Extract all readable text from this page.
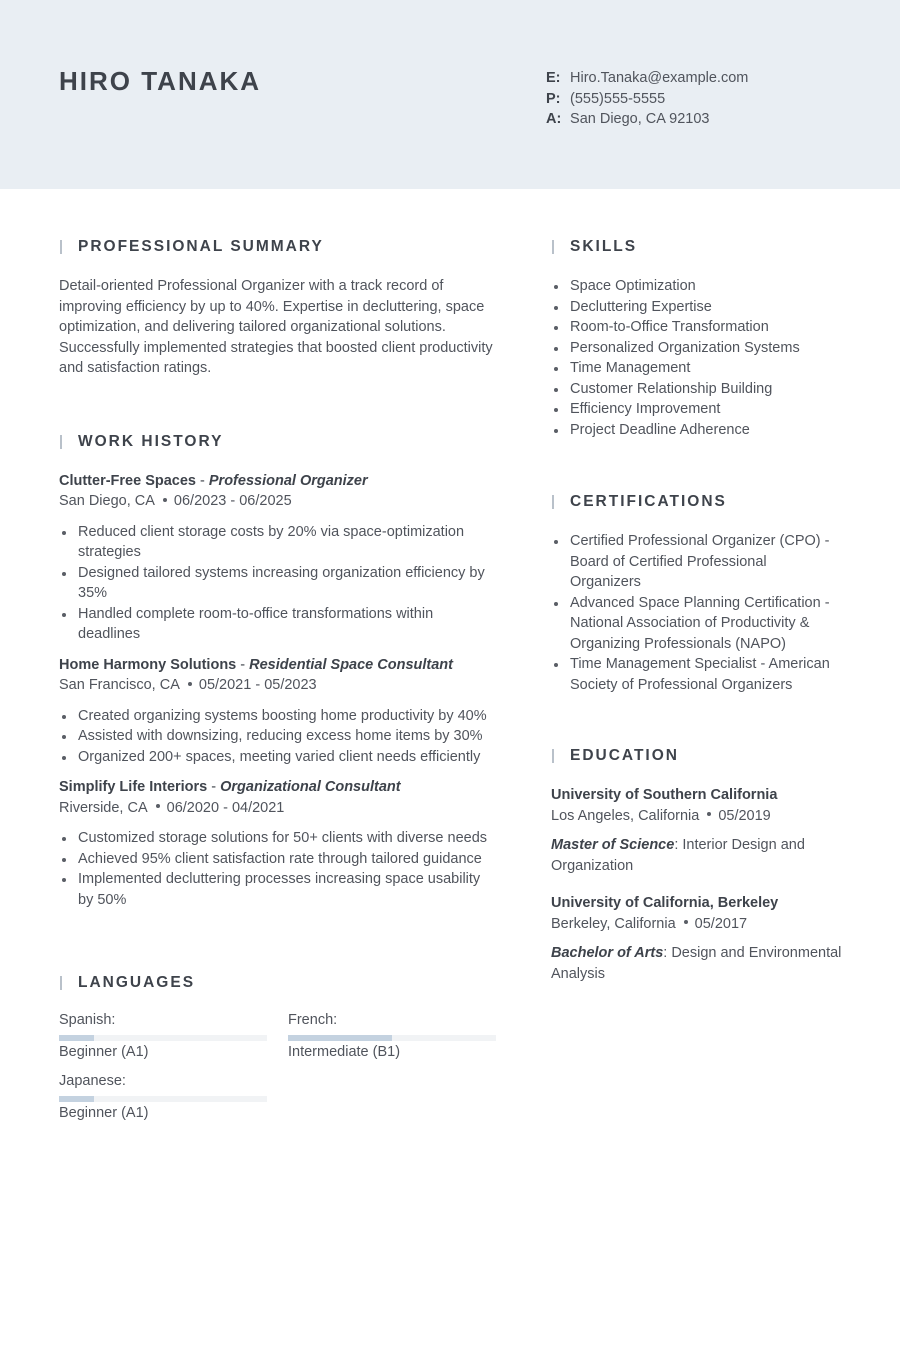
HIRO TANAKA	E: Hiro.Tanaka@example.com
P: (555)555-5555
A: San Diego, CA 92103
PROFESSIONAL SUMMARY
Detail-oriented Professional Organizer with a track record of improving efficiency by up to 40%. Expertise in decluttering, space optimization, and delivering tailored organizational solutions. Successfully implemented strategies that boosted client productivity and satisfaction ratings.
WORK HISTORY
Clutter-Free Spaces - Professional Organizer
San Diego, CA 06/2023 - 06/2025
Reduced client storage costs by 20% via space-optimization strategies
Designed tailored systems increasing organization efficiency by 35%
Handled complete room-to-office transformations within deadlines
Home Harmony Solutions - Residential Space Consultant
San Francisco, CA 05/2021 - 05/2023
Created organizing systems boosting home productivity by 40%
Assisted with downsizing, reducing excess home items by 30%
Organized 200+ spaces, meeting varied client needs efficiently
Simplify Life Interiors - Organizational Consultant
Riverside, CA 06/2020 - 04/2021
Customized storage solutions for 50+ clients with diverse needs
Achieved 95% client satisfaction rate through tailored guidance
Implemented decluttering processes increasing space usability by 50%
LANGUAGES
Spanish:
Beginner (A1)
French:
Intermediate (B1)
Japanese:
Beginner (A1)
SKILLS
Space Optimization
Decluttering Expertise
Room-to-Office Transformation
Personalized Organization Systems
Time Management
Customer Relationship Building
Efficiency Improvement
Project Deadline Adherence
CERTIFICATIONS
Certified Professional Organizer (CPO) - Board of Certified Professional Organizers
Advanced Space Planning Certification - National Association of Productivity & Organizing Professionals (NAPO)
Time Management Specialist - American Society of Professional Organizers
EDUCATION
University of Southern California
Los Angeles, California 05/2019
Master of Science: Interior Design and Organization
University of California, Berkeley
Berkeley, California 05/2017
Bachelor of Arts: Design and Environmental Analysis
